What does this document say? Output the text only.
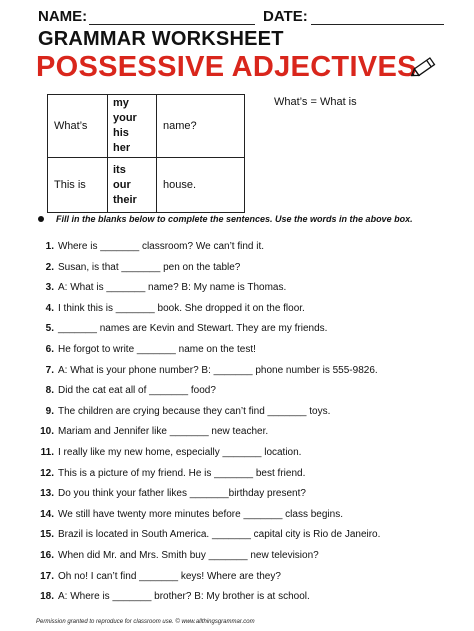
NAME:	DATE:
GRAMMAR WORKSHEET
POSSESSIVE ADJECTIVES
What’s	my
your
his
her	name?
This is	its
our
their	house.
What’s = What is
Fill in the blanks below to complete the sentences. Use the words in the above box.
1. Where is _______ classroom? We can’t find it.
2. Susan, is that _______ pen on the table?
3. A: What is _______ name? B: My name is Thomas.
4. I think this is _______ book. She dropped it on the floor.
5. _______ names are Kevin and Stewart. They are my friends.
6. He forgot to write _______ name on the test!
7. A: What is your phone number? B: _______ phone number is 555-9826.
8. Did the cat eat all of _______ food?
9. The children are crying because they can’t find _______ toys.
10. Mariam and Jennifer like _______ new teacher.
11. I really like my new home, especially _______ location.
12. This is a picture of my friend. He is _______ best friend.
13. Do you think your father likes _______birthday present?
14. We still have twenty more minutes before _______ class begins.
15. Brazil is located in South America. _______ capital city is Rio de Janeiro.
16. When did Mr. and Mrs. Smith buy _______ new television?
17. Oh no! I can’t find _______ keys! Where are they?
18. A: Where is _______ brother? B: My brother is at school.
Permission granted to reproduce for classroom use. © www.allthingsgrammar.com
